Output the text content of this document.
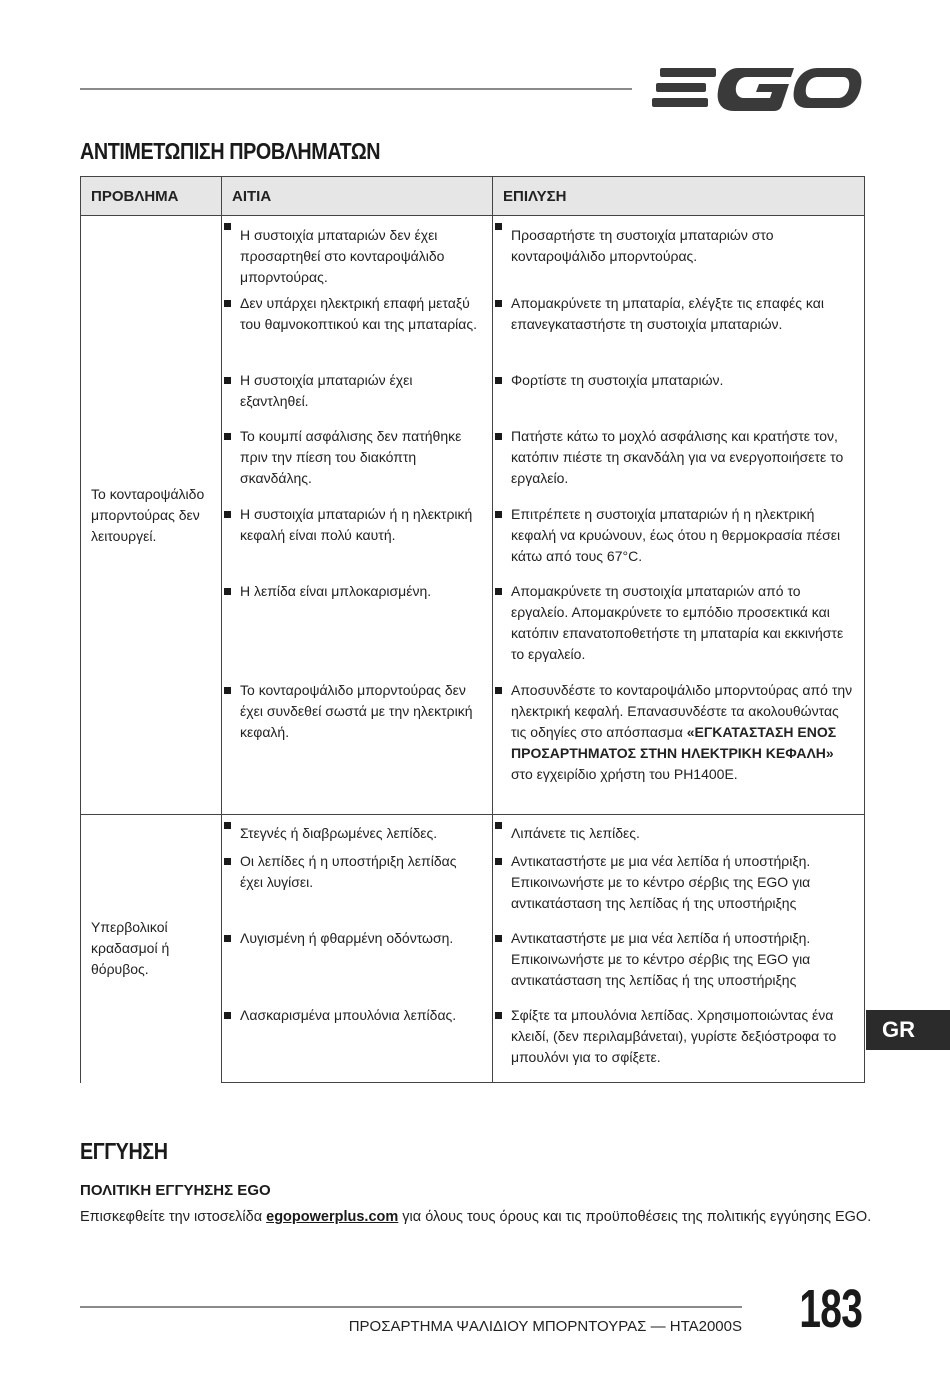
ΑΝΤΙΜΕΤΩΠΙΣΗ ΠΡΟΒΛΗΜΑΤΩΝ
ΠΡΟΒΛΗΜΑ	ΑΙΤΙΑ	ΕΠΙΛΥΣΗ
Το κονταροψάλιδο μπορντούρας δεν λειτουργεί.	Η συστοιχία μπαταριών δεν έχει προσαρτηθεί στο κονταροψάλιδο μπορντούρας.	Προσαρτήστε τη συστοιχία μπαταριών στο κονταροψάλιδο μπορντούρας.

	Δεν υπάρχει ηλεκτρική επαφή μεταξύ του θαμνοκοπτικού και της μπαταρίας.	Απομακρύνετε τη μπαταρία, ελέγξτε τις επαφές και επανεγκαταστήστε τη συστοιχία μπαταριών.

	Η συστοιχία μπαταριών έχει εξαντληθεί.	Φορτίστε τη συστοιχία μπαταριών.

	Το κουμπί ασφάλισης δεν πατήθηκε πριν την πίεση του διακόπτη σκανδάλης.	Πατήστε κάτω το μοχλό ασφάλισης και κρατήστε τον, κατόπιν πιέστε τη σκανδάλη για να ενεργοποιήσετε το εργαλείο.

	Η συστοιχία μπαταριών ή η ηλεκτρική κεφαλή είναι πολύ καυτή.	Επιτρέπετε η συστοιχία μπαταριών ή η ηλεκτρική κεφαλή να κρυώνουν, έως ότου η θερμοκρασία πέσει κάτω από τους 67°C.

	Η λεπίδα είναι μπλοκαρισμένη.	Απομακρύνετε τη συστοιχία μπαταριών από το εργαλείο. Απομακρύνετε το εμπόδιο προσεκτικά και κατόπιν επανατοποθετήστε τη μπαταρία και εκκινήστε το εργαλείο.

	Το κονταροψάλιδο μπορντούρας δεν έχει συνδεθεί σωστά με την ηλεκτρική κεφαλή.	Αποσυνδέστε το κονταροψάλιδο μπορντούρας από την ηλεκτρική κεφαλή. Επανασυνδέστε τα ακολουθώντας τις οδηγίες στο απόσπασμα «ΕΓΚΑΤΑΣΤΑΣΗ ΕΝΟΣ ΠΡΟΣΑΡΤΗΜΑΤΟΣ ΣΤΗΝ ΗΛΕΚΤΡΙΚΗ ΚΕΦΑΛΗ» στο εγχειρίδιο χρήστη του PH1400E.

Υπερβολικοί κραδασμοί ή θόρυβος.	Στεγνές ή διαβρωμένες λεπίδες.	Λιπάνετε τις λεπίδες.

	Οι λεπίδες ή η υποστήριξη λεπίδας έχει λυγίσει.	Αντικαταστήστε με μια νέα λεπίδα ή υποστήριξη. Επικοινωνήστε με το κέντρο σέρβις της EGO για αντικατάσταση της λεπίδας ή της υποστήριξης

	Λυγισμένη ή φθαρμένη οδόντωση.	Αντικαταστήστε με μια νέα λεπίδα ή υποστήριξη. Επικοινωνήστε με το κέντρο σέρβις της EGO για αντικατάσταση της λεπίδας ή της υποστήριξης

	Λασκαρισμένα μπουλόνια λεπίδας.	Σφίξτε τα μπουλόνια λεπίδας. Χρησιμοποιώντας ένα κλειδί, (δεν περιλαμβάνεται), γυρίστε δεξιόστροφα το μπουλόνι για το σφίξετε.
ΕΓΓΥΗΣΗ
ΠΟΛΙΤΙΚΗ ΕΓΓΥΗΣΗΣ EGO
Επισκεφθείτε την ιστοσελίδα egopowerplus.com για όλους τους όρους και τις προϋποθέσεις της πολιτικής εγγύησης EGO.
GR
ΠΡΟΣΑΡΤΗΜΑ ΨΑΛΙΔΙΟΥ ΜΠΟΡΝΤΟΥΡΑΣ — HTA2000S 183
